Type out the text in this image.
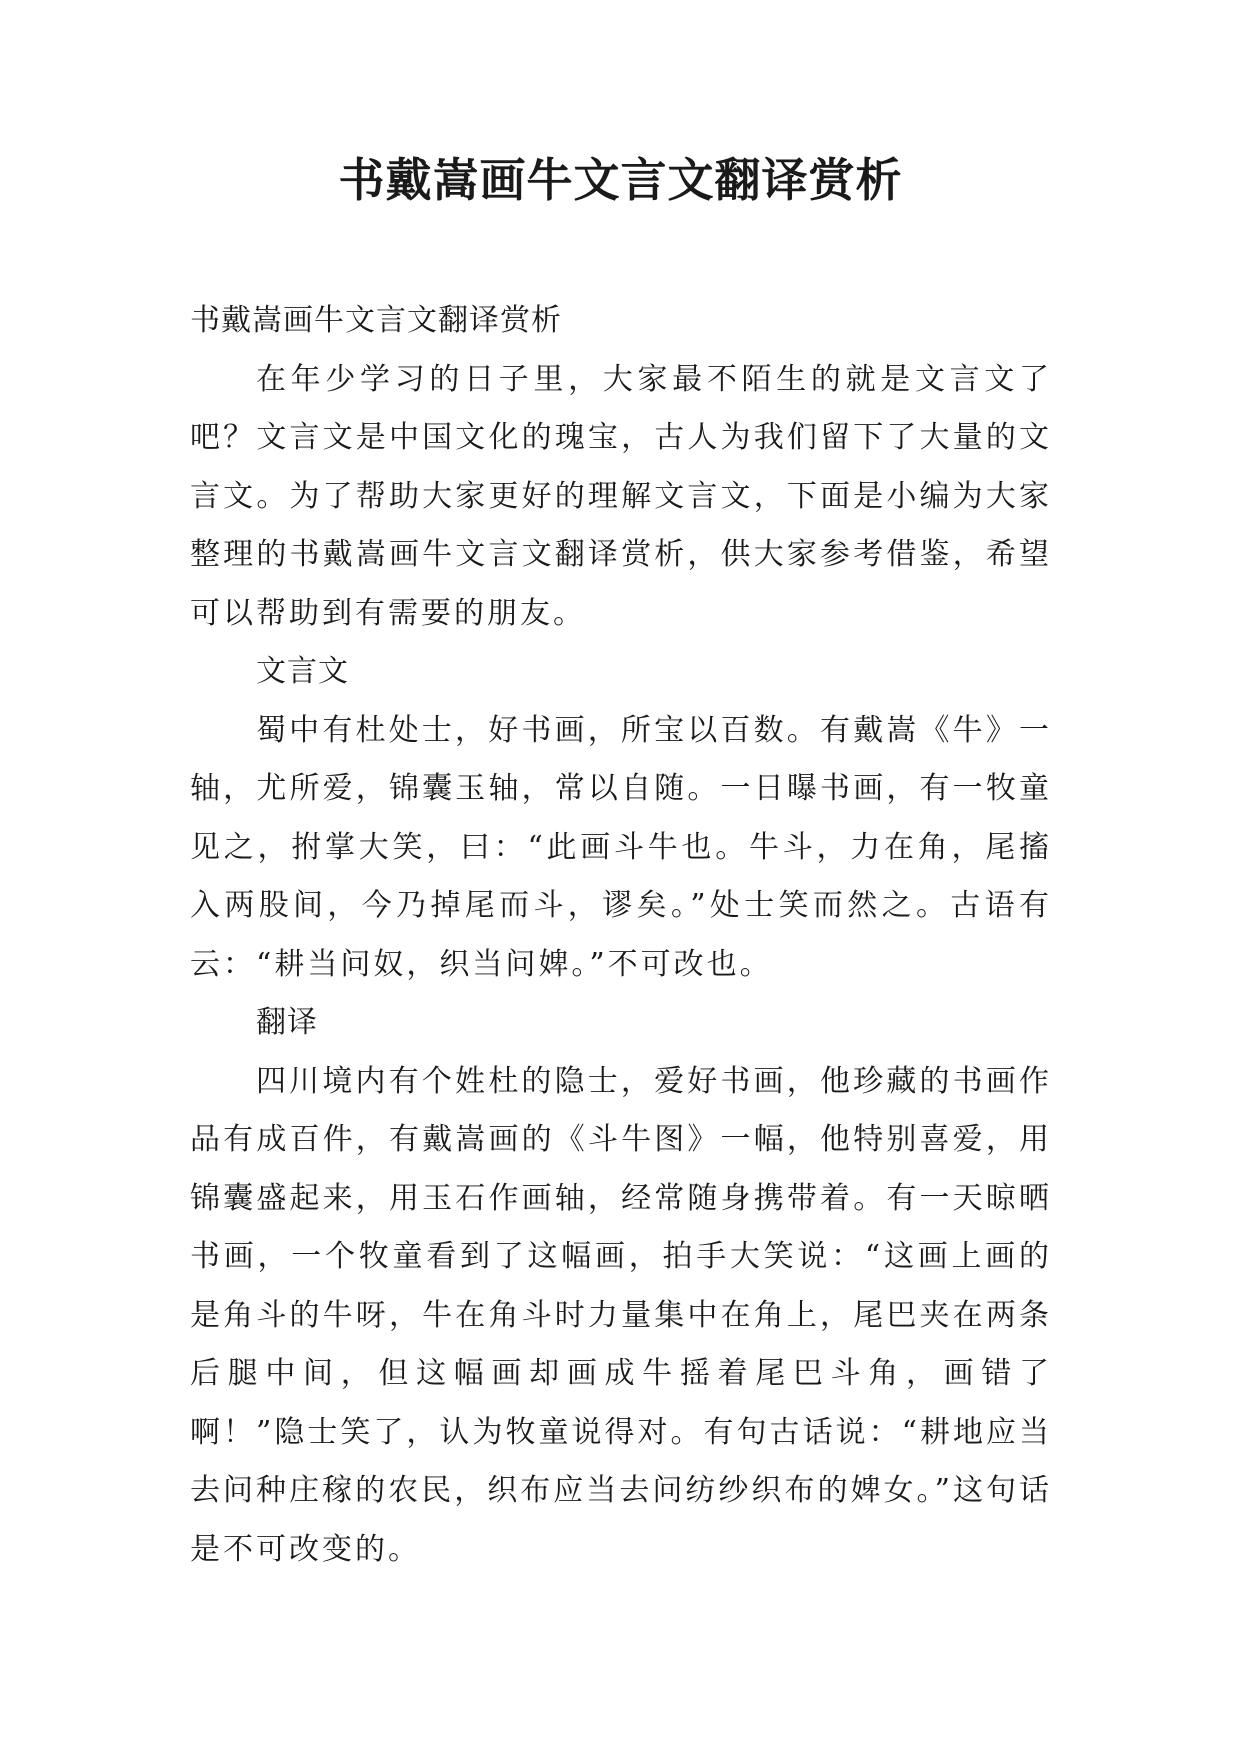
书戴嵩画牛文言文翻译赏析

书戴嵩画牛文言文翻译赏析

在年少学习的日子里，大家最不陌生的就是文言文了吧？文言文是中国文化的瑰宝，古人为我们留下了大量的文言文。为了帮助大家更好的理解文言文，下面是小编为大家整理的书戴嵩画牛文言文翻译赏析，供大家参考借鉴，希望可以帮助到有需要的朋友。

文言文

蜀中有杜处士，好书画，所宝以百数。有戴嵩《牛》一轴，尤所爱，锦囊玉轴，常以自随。一日曝书画，有一牧童见之，拊掌大笑，曰：“此画斗牛也。牛斗，力在角，尾搐入两股间，今乃掉尾而斗，谬矣。”处士笑而然之。古语有云：“耕当问奴，织当问婢。”不可改也。

翻译

四川境内有个姓杜的隐士，爱好书画，他珍藏的书画作品有成百件，有戴嵩画的《斗牛图》一幅，他特别喜爱，用锦囊盛起来，用玉石作画轴，经常随身携带着。有一天晾晒书画，一个牧童看到了这幅画，拍手大笑说：“这画上画的是角斗的牛呀，牛在角斗时力量集中在角上，尾巴夹在两条后腿中间，但这幅画却画成牛摇着尾巴斗角，画错了啊！”隐士笑了，认为牧童说得对。有句古话说：“耕地应当去问种庄稼的农民，织布应当去问纺纱织布的婢女。”这句话是不可改变的。
